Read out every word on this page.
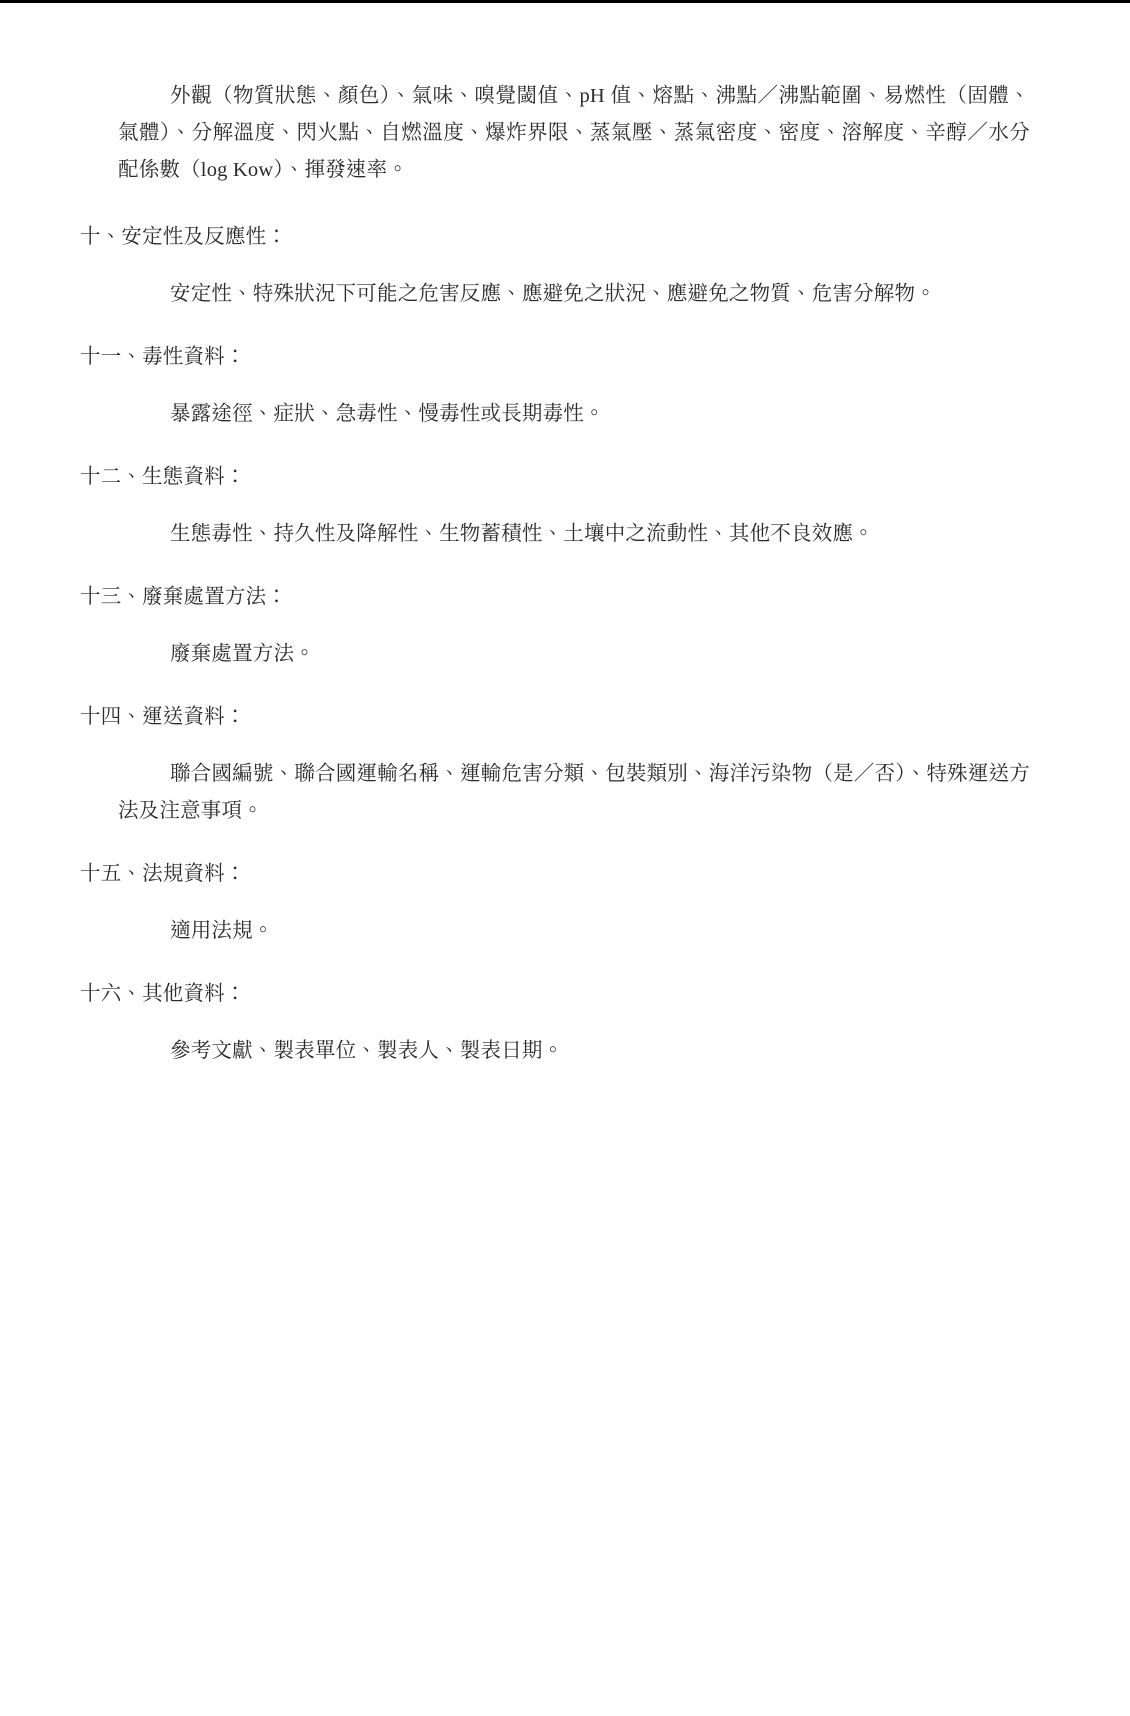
外觀（物質狀態、顏色）、氣味、嗅覺閾值、pH 值、熔點、沸點／沸點範圍、易燃性（固體、氣體）、分解溫度、閃火點、自燃溫度、爆炸界限、蒸氣壓、蒸氣密度、密度、溶解度、辛醇／水分配係數（log Kow）、揮發速率。

十、安定性及反應性：

安定性、特殊狀況下可能之危害反應、應避免之狀況、應避免之物質、危害分解物。

十一、毒性資料：

暴露途徑、症狀、急毒性、慢毒性或長期毒性。

十二、生態資料：

生態毒性、持久性及降解性、生物蓄積性、土壤中之流動性、其他不良效應。

十三、廢棄處置方法：

廢棄處置方法。

十四、運送資料：

聯合國編號、聯合國運輸名稱、運輸危害分類、包裝類別、海洋污染物（是／否）、特殊運送方法及注意事項。

十五、法規資料：

適用法規。

十六、其他資料：

參考文獻、製表單位、製表人、製表日期。
